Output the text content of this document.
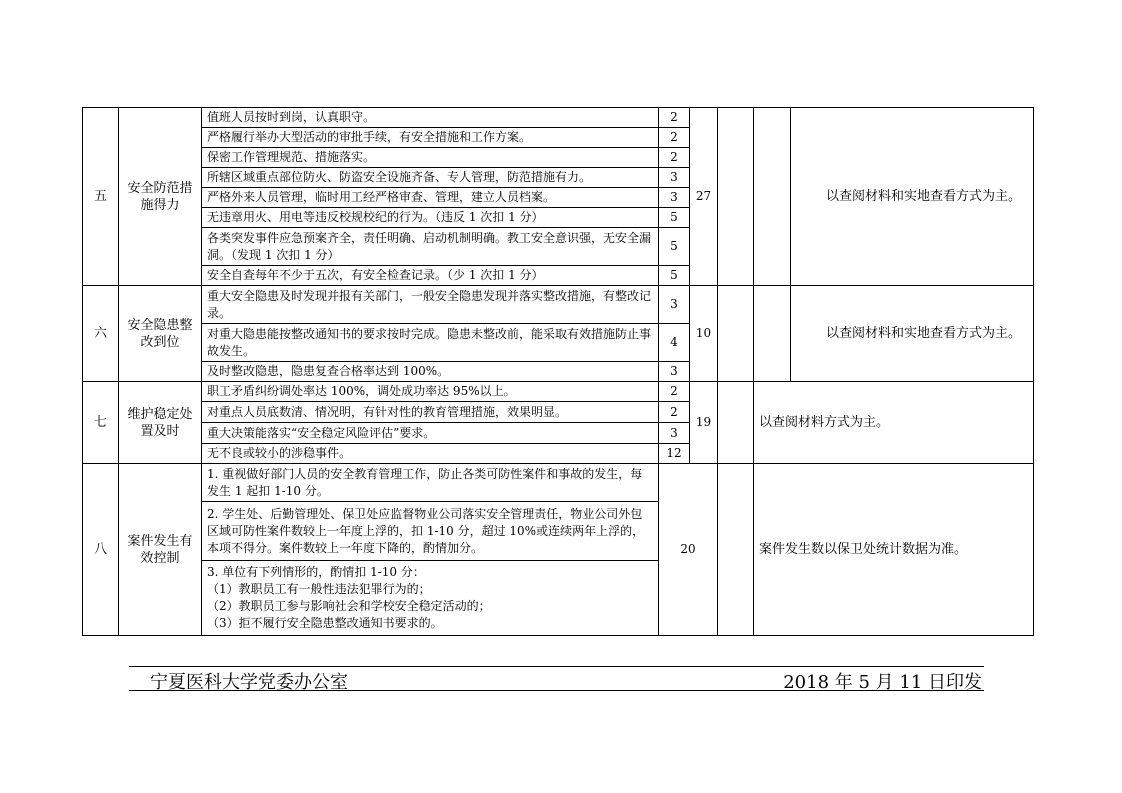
五	安全防范措施得力	值班人员按时到岗，认真职守。	2	27			以查阅材料和实地查看方式为主。

		严格履行举办大型活动的审批手续，有安全措施和工作方案。	2				
		保密工作管理规范、措施落实。	2				
		所辖区域重点部位防火、防盗安全设施齐备、专人管理，防范措施有力。	3				
		严格外来人员管理，临时用工经严格审查、管理，建立人员档案。	3				
		无违章用火、用电等违反校规校纪的行为。（违反 1 次扣 1 分）	5				
		各类突发事件应急预案齐全，责任明确、启动机制明确。教工安全意识强，无安全漏洞。（发现 1 次扣 1 分）	5				
		安全自查每年不少于五次，有安全检查记录。（少 1 次扣 1 分）	5				
六	安全隐患整改到位	重大安全隐患及时发现并报有关部门，一般安全隐患发现并落实整改措施，有整改记录。	3	10			以查阅材料和实地查看方式为主。

		对重大隐患能按整改通知书的要求按时完成。隐患未整改前，能采取有效措施防止事故发生。	4				
		及时整改隐患，隐患复查合格率达到 100%。	3				
七	维护稳定处置及时	职工矛盾纠纷调处率达 100%，调处成功率达 95%以上。	2	19		以查阅材料方式为主。	
		对重点人员底数清、情况明，有针对性的教育管理措施，效果明显。	2				
		重大决策能落实“安全稳定风险评估”要求。	3				
		无不良或较小的涉稳事件。	12				
八	案件发生有效控制	1. 重视做好部门人员的安全教育管理工作，防止各类可防性案件和事故的发生，每发生 1 起扣 1-10 分。	20			案件发生数以保卫处统计数据为准。	
		2. 学生处、后勤管理处、保卫处应监督物业公司落实安全管理责任，物业公司外包区域可防性案件数较上一年度上浮的，扣 1-10 分，超过 10%或连续两年上浮的，本项不得分。案件数较上一年度下降的，酌情加分。					

		3. 单位有下列情形的，酌情扣 1-10 分：
（1）教职员工有一般性违法犯罪行为的；
（2）教职员工参与影响社会和学校安全稳定活动的；
（3）拒不履行安全隐患整改通知书要求的。					
宁夏医科大学党委办公室	2018 年 5 月 11 日印发
